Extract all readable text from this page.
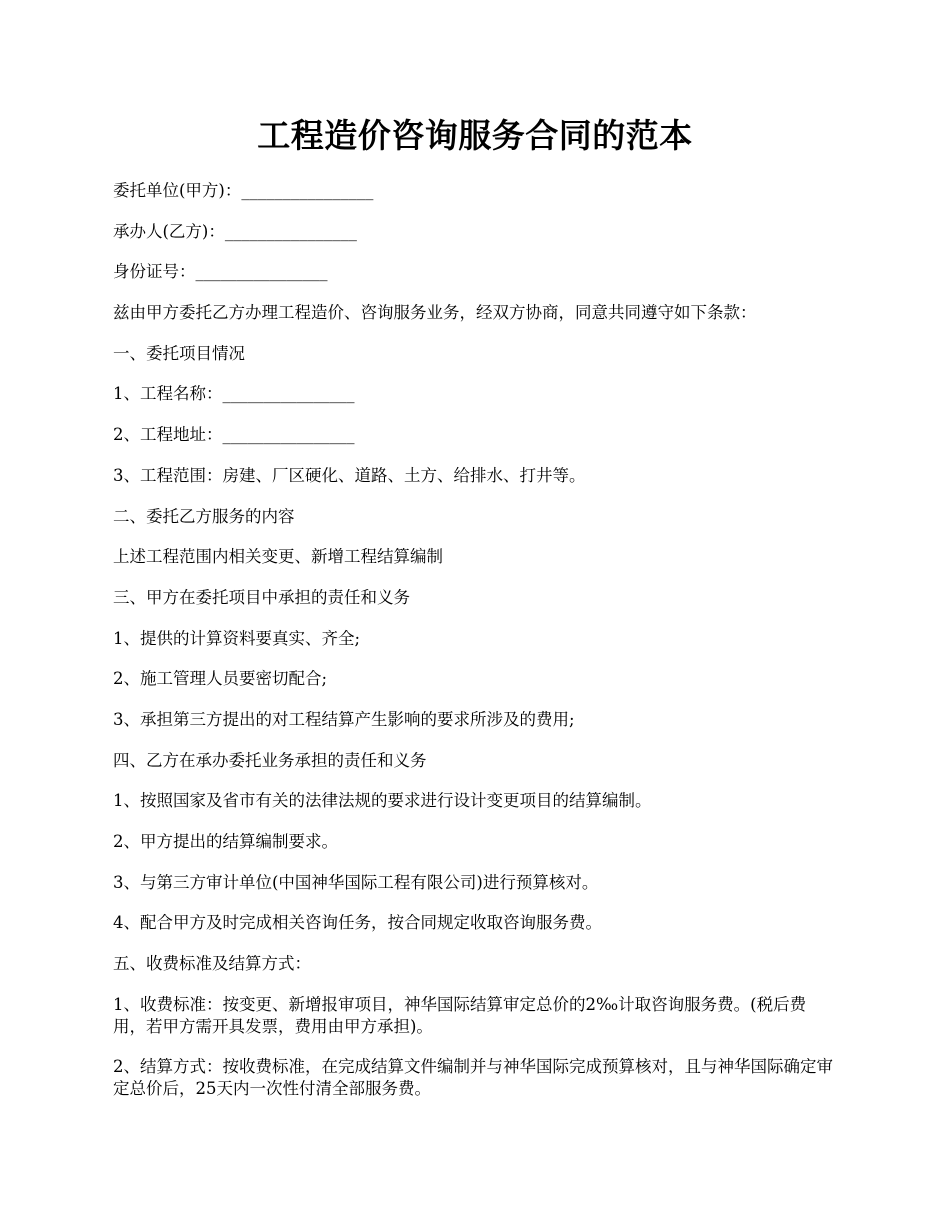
工程造价咨询服务合同的范本
委托单位(甲方)：________________
承办人(乙方)：________________
身份证号：________________
兹由甲方委托乙方办理工程造价、咨询服务业务，经双方协商，同意共同遵守如下条款：
一、委托项目情况
1、工程名称：________________
2、工程地址：________________
3、工程范围：房建、厂区硬化、道路、土方、给排水、打井等。
二、委托乙方服务的内容
上述工程范围内相关变更、新增工程结算编制
三、甲方在委托项目中承担的责任和义务
1、提供的计算资料要真实、齐全;
2、施工管理人员要密切配合;
3、承担第三方提出的对工程结算产生影响的要求所涉及的费用;
四、乙方在承办委托业务承担的责任和义务
1、按照国家及省市有关的法律法规的要求进行设计变更项目的结算编制。
2、甲方提出的结算编制要求。
3、与第三方审计单位(中国神华国际工程有限公司)进行预算核对。
4、配合甲方及时完成相关咨询任务，按合同规定收取咨询服务费。
五、收费标准及结算方式：
1、收费标准：按变更、新增报审项目，神华国际结算审定总价的2‰计取咨询服务费。(税后费用，若甲方需开具发票，费用由甲方承担)。
2、结算方式：按收费标准，在完成结算文件编制并与神华国际完成预算核对，且与神华国际确定审定总价后，25天内一次性付清全部服务费。
